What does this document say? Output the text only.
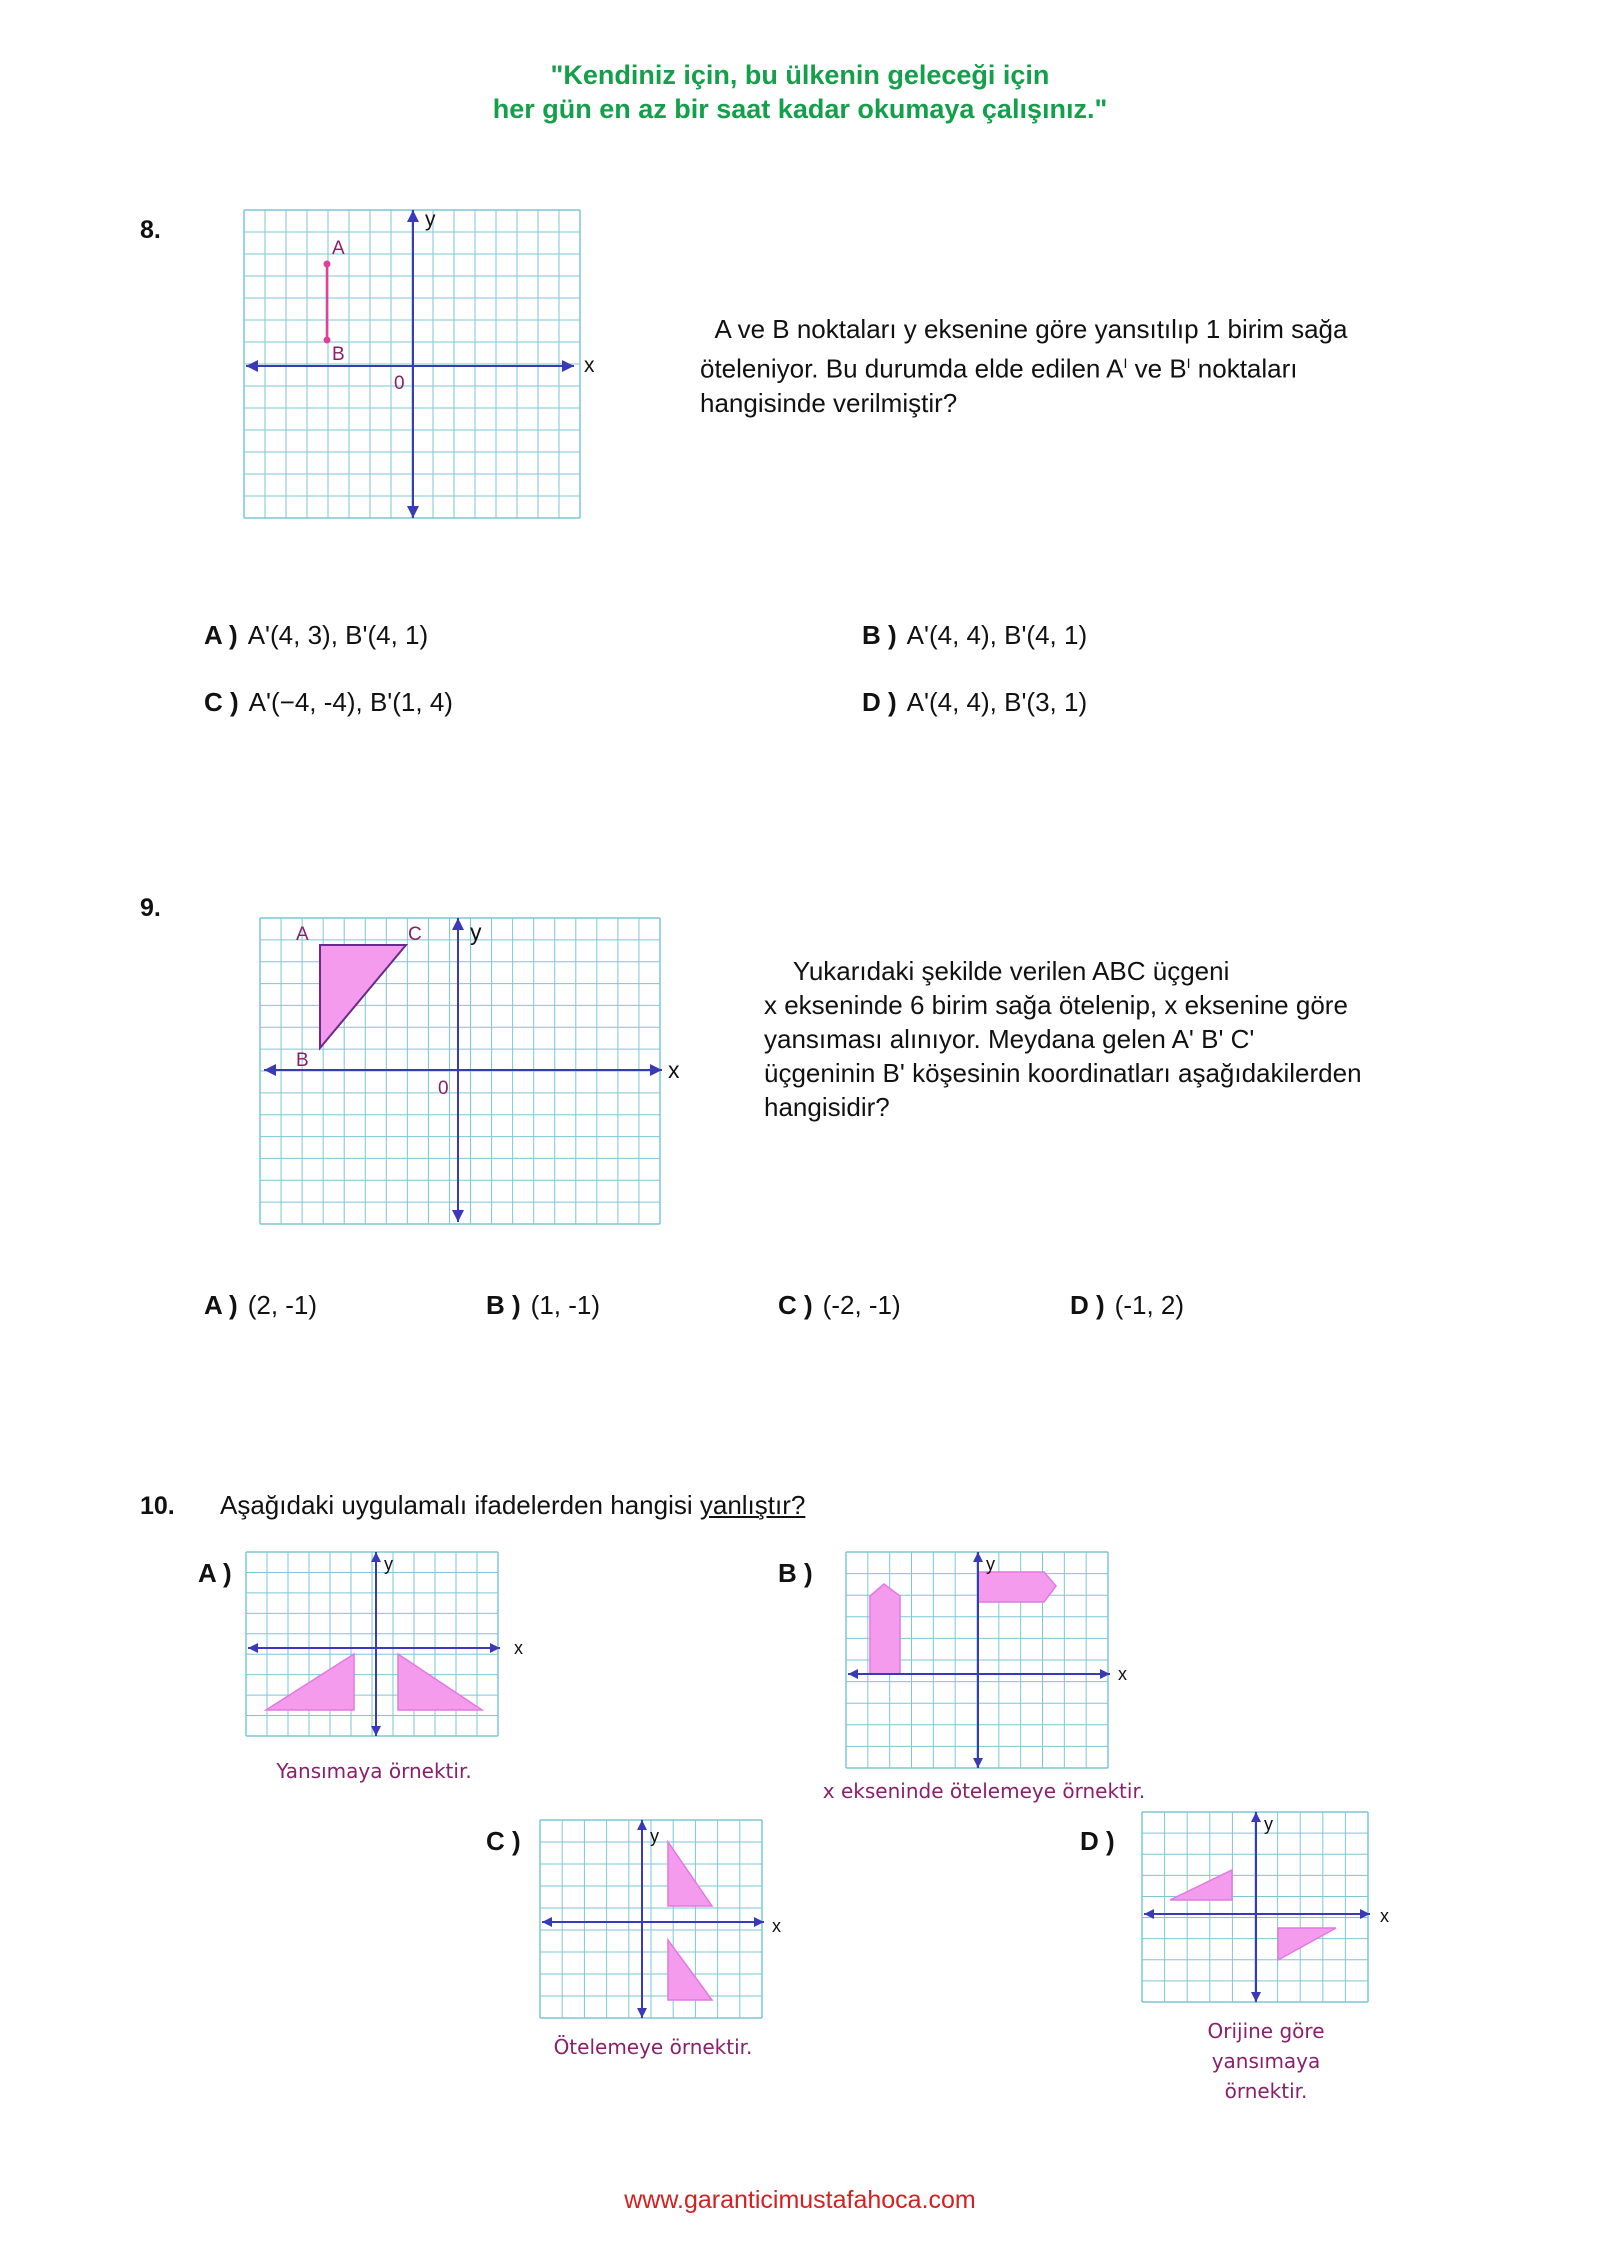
"Kendiniz için, bu ülkenin geleceği için
her gün en az bir saat kadar okumaya çalışınız."
8.
A
B
0
y
x
A ve B noktaları y eksenine göre yansıtılıp 1 birim sağa
öteleniyor. Bu durumda elde edilen $A^I$ ve $B^I$ noktaları
hangisinde verilmiştir?
A ) A'(4, 3), B'(4, 1)	B ) A'(4, 4), B'(4, 1)
C ) A'(−4, -4), B'(1, 4)	D ) A'(4, 4), B'(3, 1)
9.
A
B
C
0
y
x
Yukarıdaki şekilde verilen ABC üçgeni
x ekseninde 6 birim sağa ötelenip, x eksenine göre
yansıması alınıyor. Meydana gelen A' B' C'
üçgeninin B' köşesinin koordinatları aşağıdakilerden
hangisidir?
A ) (2, -1)	B ) (1, -1)	C ) (-2, -1)	D ) (-1, 2)
10. Aşağıdaki uygulamalı ifadelerden hangisi yanlıştır?
A )	y
x
Yansımaya örnektir.
B )	y
x
x ekseninde ötelemeye örnektir.
C )	y
x
Ötelemeye örnektir.
D )
y
x
Orijine göre
yansımaya
örnektir.
www.garanticimustafahoca.com
